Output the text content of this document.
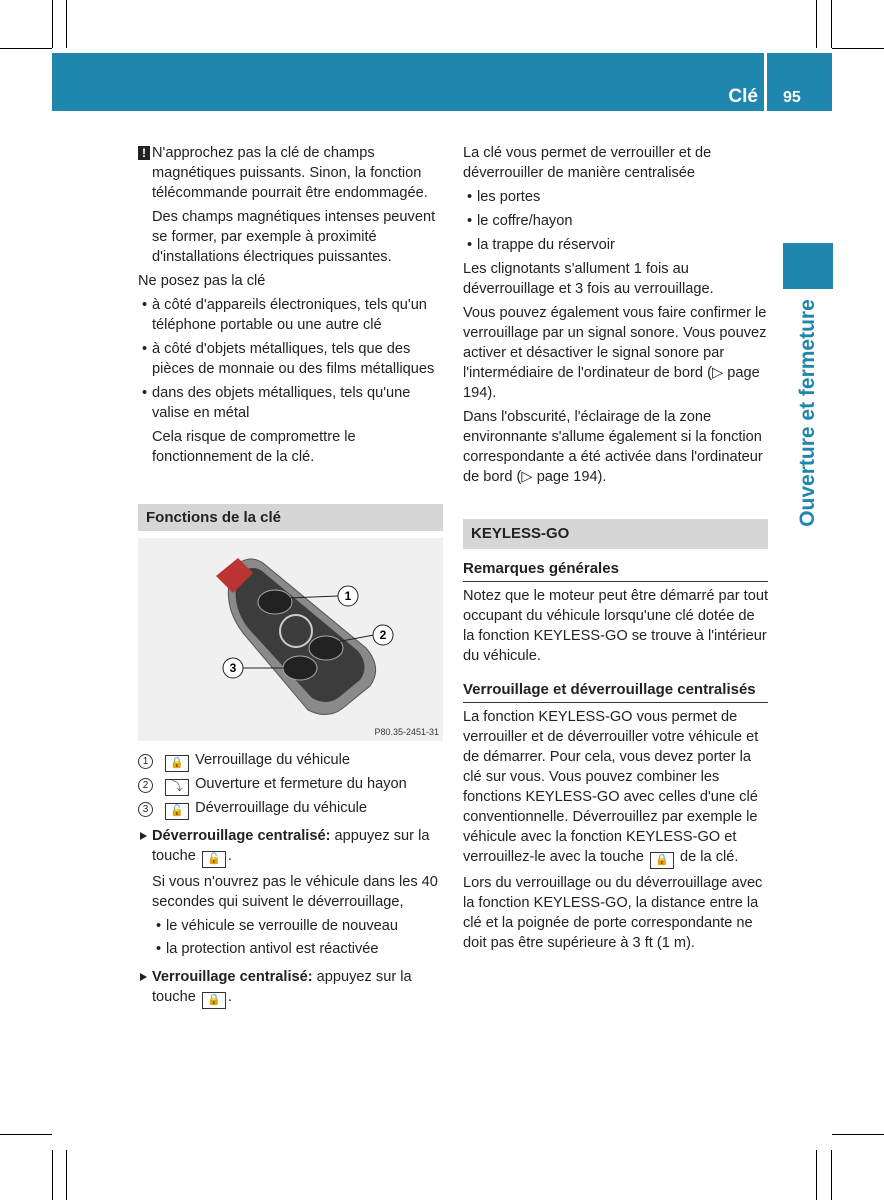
Clé 95
Ouverture et fermeture
! N'approchez pas la clé de champs magnétiques puissants. Sinon, la fonction télécommande pourrait être endommagée.

Des champs magnétiques intenses peuvent se former, par exemple à proximité d'installations électriques puissantes.

Ne posez pas la clé

• à côté d'appareils électroniques, tels qu'un téléphone portable ou une autre clé

• à côté d'objets métalliques, tels que des pièces de monnaie ou des films métalliques

• dans des objets métalliques, tels qu'une valise en métal

Cela risque de compromettre le fonctionnement de la clé.

Fonctions de la clé

1
2
3
P80.35-2451-31
1 🔒 Verrouillage du véhicule
2 ⤵ Ouverture et fermeture du hayon
3 🔓 Déverrouillage du véhicule

Déverrouillage centralisé: appuyez sur la touche 🔓 .

Si vous n'ouvrez pas le véhicule dans les 40 secondes qui suivent le déverrouillage,

• le véhicule se verrouille de nouveau

• la protection antivol est réactivée

Verrouillage centralisé: appuyez sur la touche 🔒 .

La clé vous permet de verrouiller et de déverrouiller de manière centralisée

• les portes

• le coffre/hayon

• la trappe du réservoir

Les clignotants s'allument 1 fois au déverrouillage et 3 fois au verrouillage.

Vous pouvez également vous faire confirmer le verrouillage par un signal sonore. Vous pouvez activer et désactiver le signal sonore par l'intermédiaire de l'ordinateur de bord (▷ page 194).

Dans l'obscurité, l'éclairage de la zone environnante s'allume également si la fonction correspondante a été activée dans l'ordinateur de bord (▷ page 194).

KEYLESS-GO

Remarques générales

Notez que le moteur peut être démarré par tout occupant du véhicule lorsqu'une clé dotée de la fonction KEYLESS-GO se trouve à l'intérieur du véhicule.

Verrouillage et déverrouillage centralisés

La fonction KEYLESS-GO vous permet de verrouiller et de déverrouiller votre véhicule et de démarrer. Pour cela, vous devez porter la clé sur vous. Vous pouvez combiner les fonctions KEYLESS-GO avec celles d'une clé conventionnelle. Déverrouillez par exemple le véhicule avec la fonction KEYLESS-GO et verrouillez-le avec la touche 🔒 de la clé.

Lors du verrouillage ou du déverrouillage avec la fonction KEYLESS-GO, la distance entre la clé et la poignée de porte correspondante ne doit pas être supérieure à 3 ft (1 m).
